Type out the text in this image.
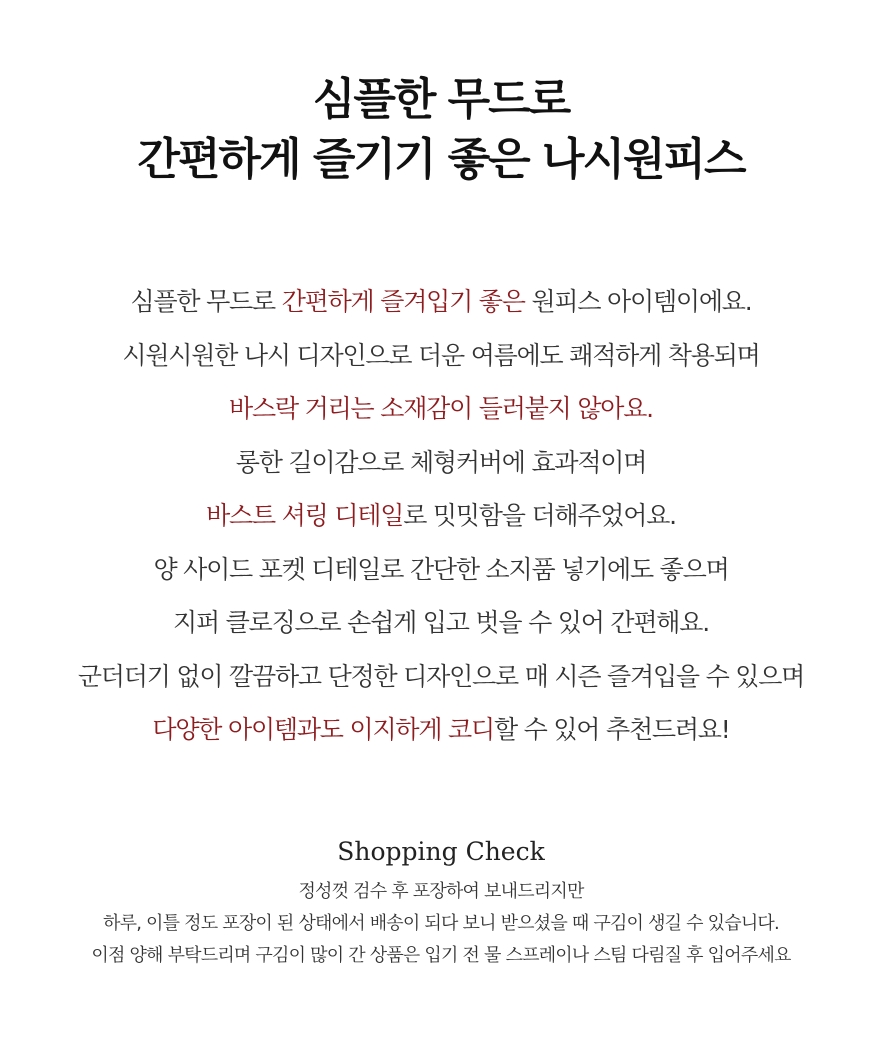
심플한 무드로
간편하게 즐기기 좋은 나시원피스
심플한 무드로 간편하게 즐겨입기 좋은 원피스 아이템이에요.
시원시원한 나시 디자인으로 더운 여름에도 쾌적하게 착용되며
바스락 거리는 소재감이 들러붙지 않아요.
롱한 길이감으로 체형커버에 효과적이며
바스트 셔링 디테일로 밋밋함을 더해주었어요.
양 사이드 포켓 디테일로 간단한 소지품 넣기에도 좋으며
지퍼 클로징으로 손쉽게 입고 벗을 수 있어 간편해요.
군더더기 없이 깔끔하고 단정한 디자인으로 매 시즌 즐겨입을 수 있으며
다양한 아이템과도 이지하게 코디할 수 있어 추천드려요!
Shopping Check
정성껏 검수 후 포장하여 보내드리지만
하루, 이틀 정도 포장이 된 상태에서 배송이 되다 보니 받으셨을 때 구김이 생길 수 있습니다.
이점 양해 부탁드리며 구김이 많이 간 상품은 입기 전 물 스프레이나 스팀 다림질 후 입어주세요
